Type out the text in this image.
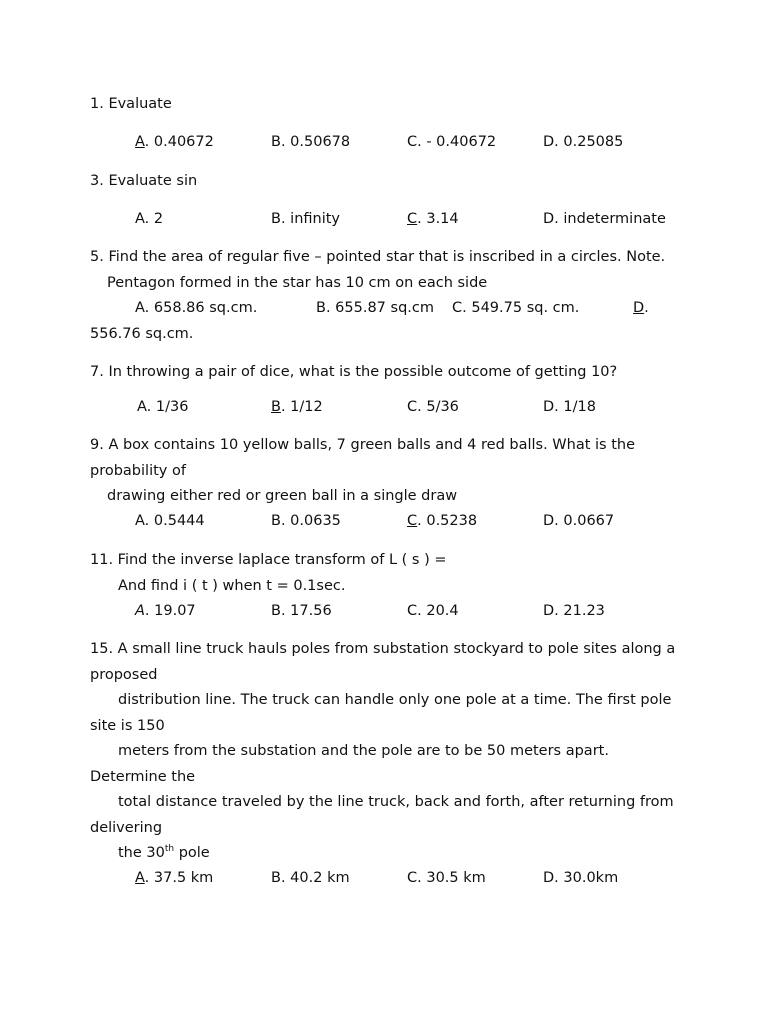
1. Evaluate
A. 0.40672	B. 0.50678	C. - 0.40672	D. 0.25085
3. Evaluate sin
A. 2	B. infinity	C. 3.14	D. indeterminate
5. Find the area of regular five – pointed star that is inscribed in a circles. Note.
Pentagon formed in the star has 10 cm on each side
A. 658.86 sq.cm.	B. 655.87 sq.cm C. 549.75 sq. cm.	D.
556.76 sq.cm.
7. In throwing a pair of dice, what is the possible outcome of getting 10?
A. 1/36	B. 1/12	C. 5/36	D. 1/18
9. A box contains 10 yellow balls, 7 green balls and 4 red balls. What is the
probability of
drawing either red or green ball in a single draw
A. 0.5444	B. 0.0635	C. 0.5238	D. 0.0667
11. Find the inverse laplace transform of L ( s ) =
And find i ( t ) when t = 0.1sec.
A. 19.07	B. 17.56	C. 20.4	D. 21.23
15. A small line truck hauls poles from substation stockyard to pole sites along a
proposed
distribution line. The truck can handle only one pole at a time. The first pole
site is 150
meters from the substation and the pole are to be 50 meters apart.
Determine the
total distance traveled by the line truck, back and forth, after returning from
delivering
the 30th pole
A. 37.5 km	B. 40.2 km	C. 30.5 km	D. 30.0km
